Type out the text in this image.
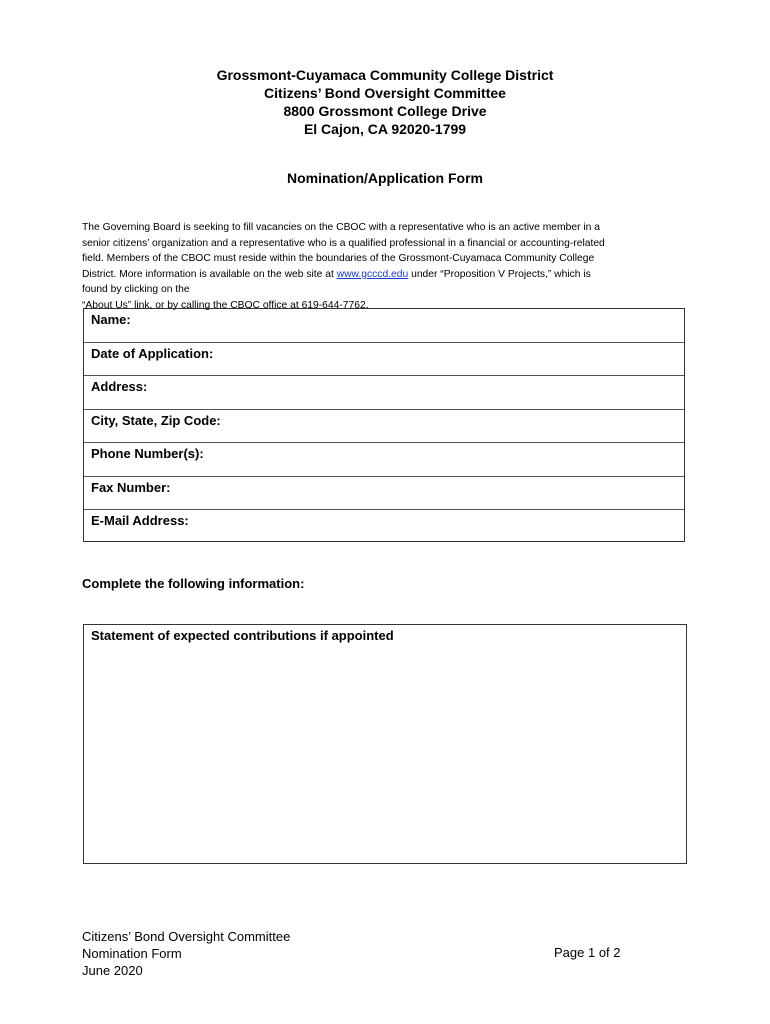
Grossmont-Cuyamaca Community College District
Citizens’ Bond Oversight Committee
8800 Grossmont College Drive
El Cajon, CA 92020-1799
Nomination/Application Form
The Governing Board is seeking to fill vacancies on the CBOC with a representative who is an active member in a
senior citizens’ organization and a representative who is a qualified professional in a financial or accounting-related
field. Members of the CBOC must reside within the boundaries of the Grossmont-Cuyamaca Community College
District. More information is available on the web site at www.gcccd.edu under “Proposition V Projects,” which is
found by clicking on the
“About Us” link, or by calling the CBOC office at 619-644-7762.
Name:
Date of Application:
Address:
City, State, Zip Code:
Phone Number(s):
Fax Number:
E-Mail Address:
Complete the following information:
Statement of expected contributions if appointed
Citizens’ Bond Oversight Committee
Nomination Form
June 2020
Page 1 of 2
